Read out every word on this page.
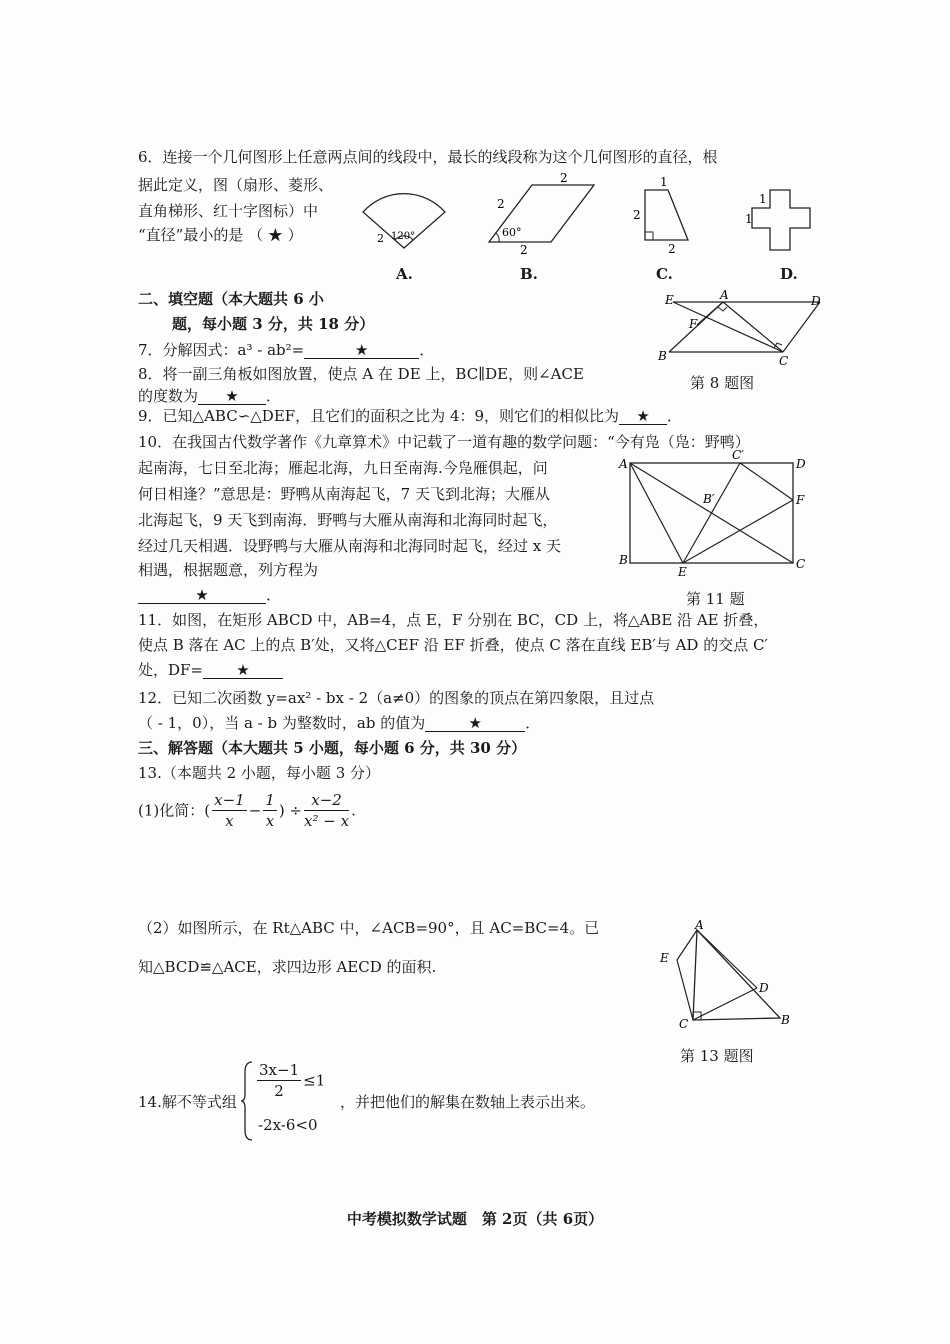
6．连接一个几何图形上任意两点间的线段中，最长的线段称为这个几何图形的直径，根
据此定义，图（扇形、菱形、
直角梯形、红十字图标）中
“直径”最小的是 （ ★ ）	120°
2
A.
2
2
2
60°
B.
1
2
2
C.
1
1
D.
二、填空题（本大题共 6 小
题，每小题 3 分，共 18 分）
7．分解因式：a³ - ab²=	★	．
8．将一副三角板如图放置，使点 A 在 DE 上，BC∥DE，则∠ACE
的度数为 ★ ．
E	A	D
F
B	C
第 8 题图
9．已知△ABC∽△DEF，且它们的面积之比为 4：9，则它们的相似比为 ★ ．
10．在我国古代数学著作《九章算术》中记载了一道有趣的数学问题：“今有凫（凫：野鸭）
起南海，七日至北海；雁起北海，九日至南海.今凫雁俱起，问
何日相逢？”意思是：野鸭从南海起飞，7 天飞到北海；大雁从
北海起飞，9 天飞到南海．野鸭与大雁从南海和北海同时起飞，
经过几天相遇．设野鸭与大雁从南海和北海同时起飞，经过 x 天
相遇，根据题意，列方程为
★	．
A
C′
D
B′	F
B
E
C
第 11 题
11．如图，在矩形 ABCD 中，AB=4，点 E，F 分别在 BC，CD 上，将△ABE 沿 AE 折叠，
使点 B 落在 AC 上的点 B′处，又将△CEF 沿 EF 折叠，使点 C 落在直线 EB′与 AD 的交点 C′
处，DF= ★
12．已知二次函数 y=ax² - bx - 2（a≠0）的图象的顶点在第四象限，且过点
（ - 1，0），当 a - b 为整数时，ab 的值为	★	．
三、解答题（本大题共 5 小题，每小题 6 分，共 30 分）
13.（本题共 2 小题，每小题 3 分）
(1)化简：( $\frac{x-1}{x} - \frac{1}{x}$ ) ÷ $\frac{x-2}{\text{x² − x}}$ .
（2）如图所示，在 Rt△ABC 中，∠ACB=90°，且 AC=BC=4。已
知△BCD≌△ACE，求四边形 AECD 的面积.
A
E
D
C	B
第 13 题图
14.解不等式组
$\frac{3x-1}{2} \le 1$
-2x-6<0
，并把他们的解集在数轴上表示出来。
中考模拟数学试题　第 2页（共 6页）
